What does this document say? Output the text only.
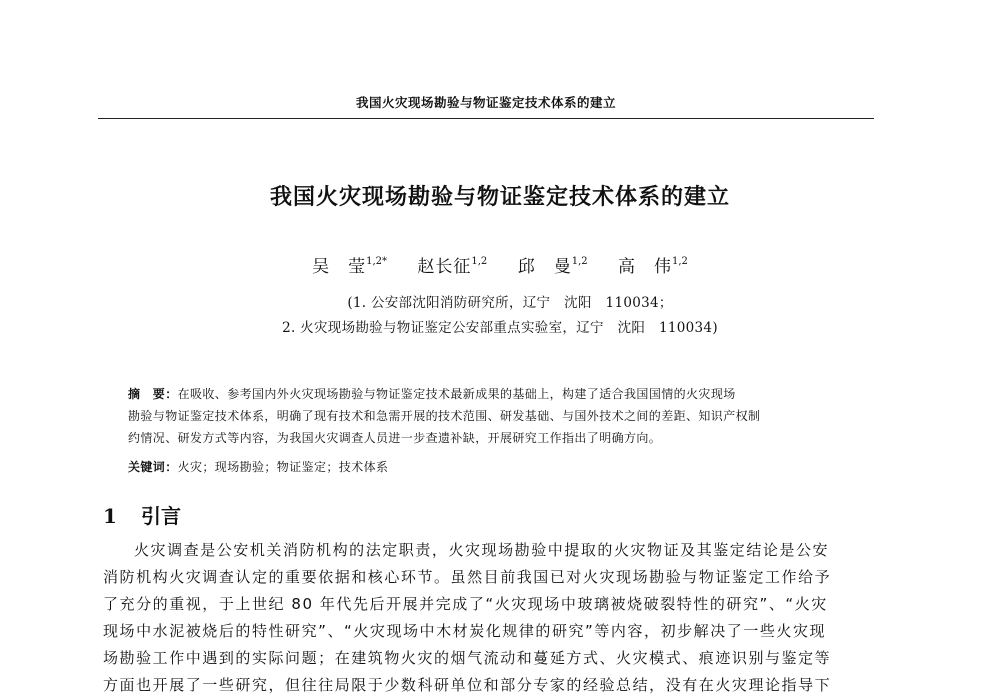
我国火灾现场勘验与物证鉴定技术体系的建立
我国火灾现场勘验与物证鉴定技术体系的建立
吴　莹$^{1,2*}$ 赵长征$^{1,2}$ 邱　曼$^{1,2}$ 高　伟$^{1,2}$
(1. 公安部沈阳消防研究所，辽宁　沈阳　110034；
2. 火灾现场勘验与物证鉴定公安部重点实验室，辽宁　沈阳　110034)
摘　要：在吸收、参考国内外火灾现场勘验与物证鉴定技术最新成果的基础上，构建了适合我国国情的火灾现场
勘验与物证鉴定技术体系，明确了现有技术和急需开展的技术范围、研发基础、与国外技术之间的差距、知识产权制
约情况、研发方式等内容，为我国火灾调查人员进一步查遗补缺，开展研究工作指出了明确方向。
关键词：火灾；现场勘验；物证鉴定；技术体系
1 引言
火灾调查是公安机关消防机构的法定职责，火灾现场勘验中提取的火灾物证及其鉴定结论是公安
消防机构火灾调查认定的重要依据和核心环节。虽然目前我国已对火灾现场勘验与物证鉴定工作给予
了充分的重视，于上世纪 80 年代先后开展并完成了“火灾现场中玻璃被烧破裂特性的研究”、“火灾
现场中水泥被烧后的特性研究”、“火灾现场中木材炭化规律的研究”等内容，初步解决了一些火灾现
场勘验工作中遇到的实际问题；在建筑物火灾的烟气流动和蔓延方式、火灾模式、痕迹识别与鉴定等
方面也开展了一些研究，但往往局限于少数科研单位和部分专家的经验总结，没有在火灾理论指导下
